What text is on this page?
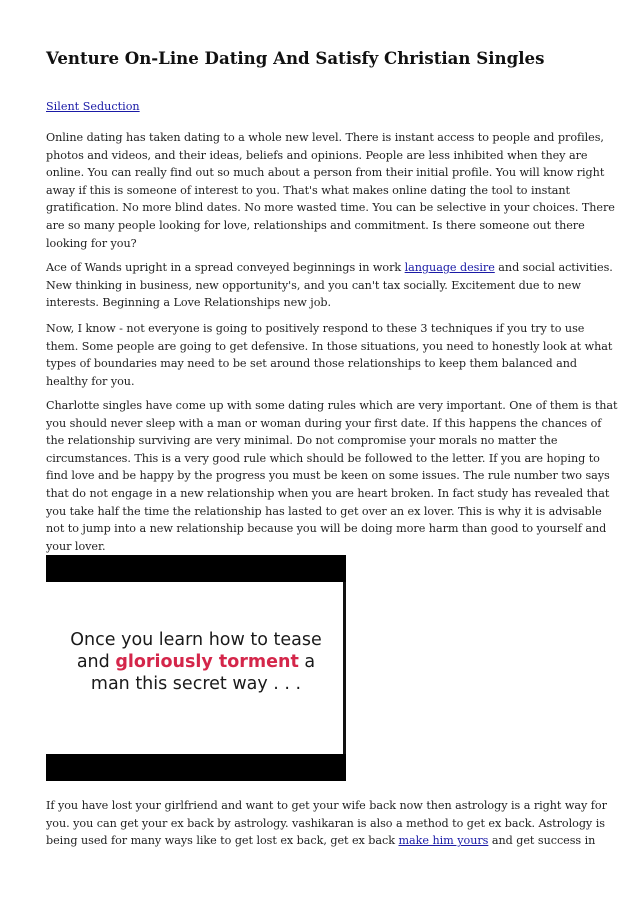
Venture On-Line Dating And Satisfy Christian Singles
Silent Seduction
Online dating has taken dating to a whole new level. There is instant access to people and profiles,
photos and videos, and their ideas, beliefs and opinions. People are less inhibited when they are
online. You can really find out so much about a person from their initial profile. You will know right
away if this is someone of interest to you. That's what makes online dating the tool to instant
gratification. No more blind dates. No more wasted time. You can be selective in your choices. There
are so many people looking for love, relationships and commitment. Is there someone out there
looking for you?
Ace of Wands upright in a spread conveyed beginnings in work language desire and social activities.
New thinking in business, new opportunity's, and you can't tax socially. Excitement due to new
interests. Beginning a Love Relationships new job.
Now, I know - not everyone is going to positively respond to these 3 techniques if you try to use
them. Some people are going to get defensive. In those situations, you need to honestly look at what
types of boundaries may need to be set around those relationships to keep them balanced and
healthy for you.
Charlotte singles have come up with some dating rules which are very important. One of them is that
you should never sleep with a man or woman during your first date. If this happens the chances of
the relationship surviving are very minimal. Do not compromise your morals no matter the
circumstances. This is a very good rule which should be followed to the letter. If you are hoping to
find love and be happy by the progress you must be keen on some issues. The rule number two says
that do not engage in a new relationship when you are heart broken. In fact study has revealed that
you take half the time the relationship has lasted to get over an ex lover. This is why it is advisable
not to jump into a new relationship because you will be doing more harm than good to yourself and
your lover.
Once you learn how to tease
and gloriously torment a
man this secret way . . .
If you have lost your girlfriend and want to get your wife back now then astrology is a right way for
you. you can get your ex back by astrology. vashikaran is also a method to get ex back. Astrology is
being used for many ways like to get lost ex back, get ex back make him yours and get success in
